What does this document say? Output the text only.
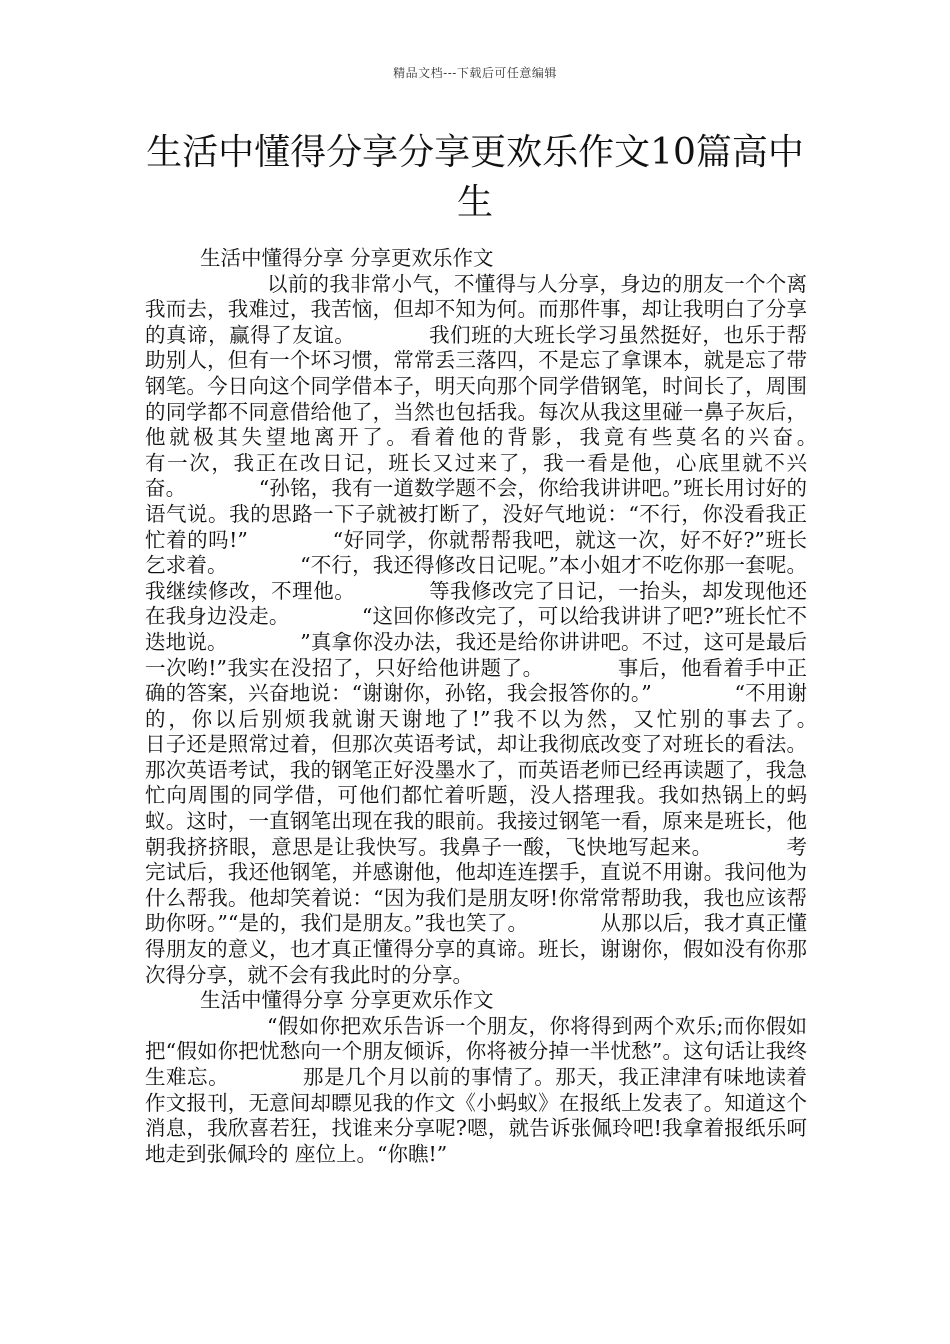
精品文档---下载后可任意编辑
生活中懂得分享分享更欢乐作文10篇高中生

生活中懂得分享 分享更欢乐作文

以前的我非常小气，不懂得与人分享，身边的朋友一个个离我而去，我难过，我苦恼，但却不知为何。而那件事，却让我明白了分享的真谛，赢得了友谊。　　　　我们班的大班长学习虽然挺好，也乐于帮助别人，但有一个坏习惯，常常丢三落四，不是忘了拿课本，就是忘了带钢笔。今日向这个同学借本子，明天向那个同学借钢笔，时间长了，周围的同学都不同意借给他了，当然也包括我。每次从我这里碰一鼻子灰后，他就极其失望地离开了。看着他的背影，我竟有些莫名的兴奋。　　　　有一次，我正在改日记，班长又过来了，我一看是他，心底里就不兴奋。　　　　“孙铭，我有一道数学题不会，你给我讲讲吧。”班长用讨好的语气说。我的思路一下子就被打断了，没好气地说：“不行，你没看我正忙着的吗!”　　　　“好同学，你就帮帮我吧，就这一次，好不好?”班长乞求着。　　　　“不行，我还得修改日记呢。”本小姐才不吃你那一套呢。我继续修改，不理他。　　　　等我修改完了日记，一抬头，却发现他还在我身边没走。　　　　“这回你修改完了，可以给我讲讲了吧?”班长忙不迭地说。　　　　”真拿你没办法，我还是给你讲讲吧。不过，这可是最后一次哟!”我实在没招了，只好给他讲题了。　　　　事后，他看着手中正确的答案，兴奋地说：“谢谢你，孙铭，我会报答你的。”　　　　“不用谢的，你以后别烦我就谢天谢地了!”我不以为然，又忙别的事去了。　　　　日子还是照常过着，但那次英语考试，却让我彻底改变了对班长的看法。那次英语考试，我的钢笔正好没墨水了，而英语老师已经再读题了，我急忙向周围的同学借，可他们都忙着听题，没人搭理我。我如热锅上的蚂蚁。这时，一直钢笔出现在我的眼前。我接过钢笔一看，原来是班长，他朝我挤挤眼，意思是让我快写。我鼻子一酸，飞快地写起来。　　　　考完试后，我还他钢笔，并感谢他，他却连连摆手，直说不用谢。我问他为什么帮我。他却笑着说：“因为我们是朋友呀!你常常帮助我，我也应该帮助你呀。”“是的，我们是朋友。”我也笑了。　　　　从那以后，我才真正懂得朋友的意义，也才真正懂得分享的真谛。班长，谢谢你，假如没有你那次得分享，就不会有我此时的分享。

生活中懂得分享 分享更欢乐作文

“假如你把欢乐告诉一个朋友，你将得到两个欢乐;而你假如把“假如你把忧愁向一个朋友倾诉，你将被分掉一半忧愁”。这句话让我终生难忘。　　　　那是几个月以前的事情了。那天，我正津津有味地读着作文报刊，无意间却瞟见我的作文《小蚂蚁》在报纸上发表了。知道这个消息，我欣喜若狂，找谁来分享呢?嗯，就告诉张佩玲吧!我拿着报纸乐呵地走到张佩玲的 座位上。“你瞧!”
